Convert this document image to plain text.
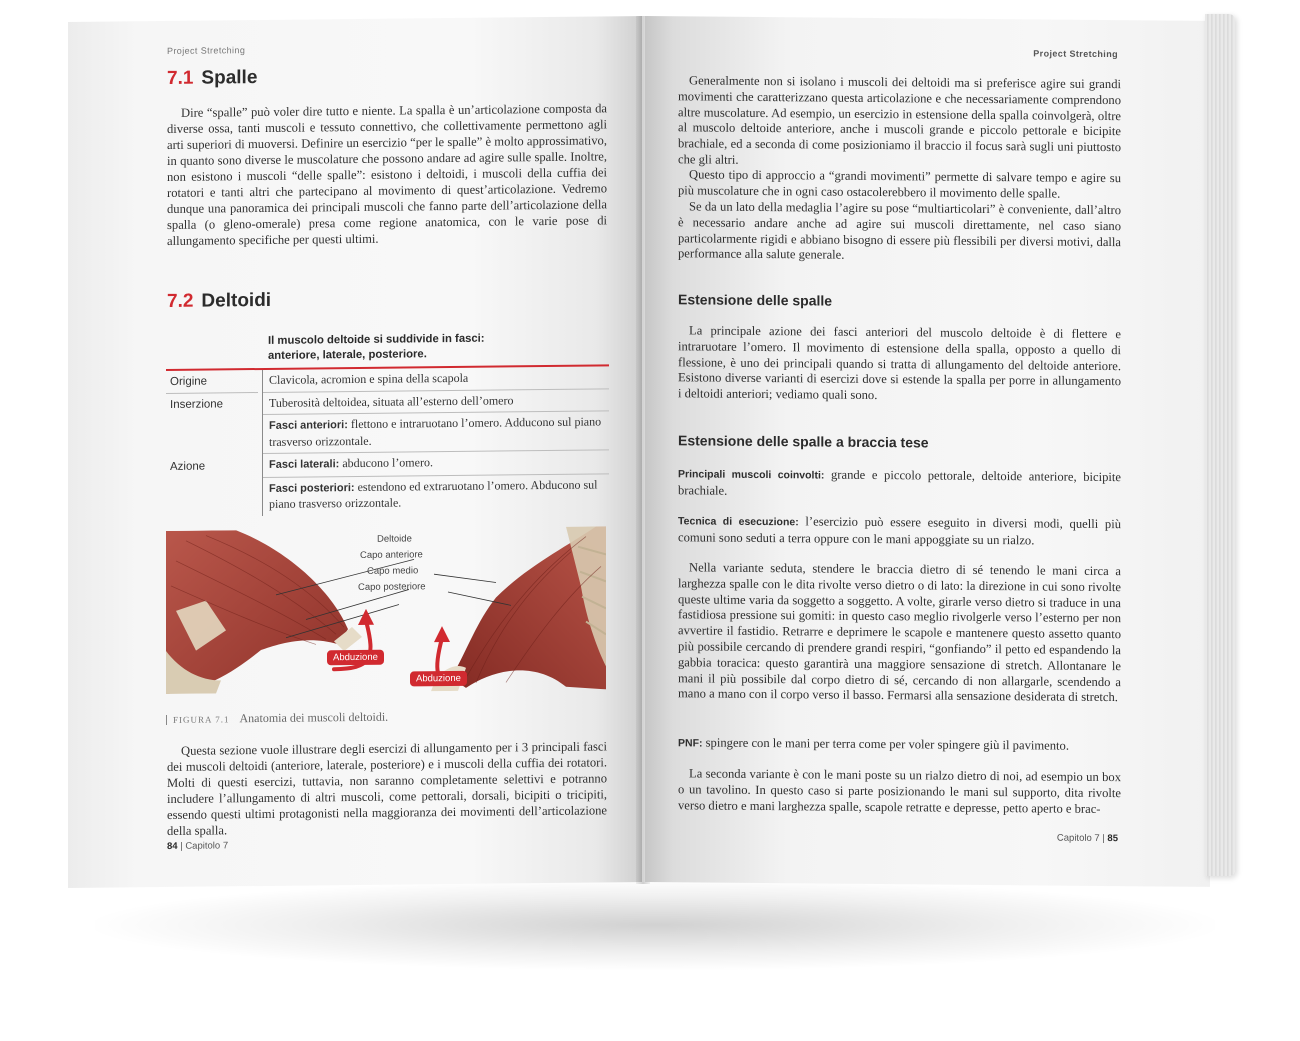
Project Stretching
7.1 Spalle

Dire “spalle” può voler dire tutto e niente. La spalla è un’articolazione composta da diverse ossa, tanti muscoli e tessuto connettivo, che collettivamente permettono agli arti superiori di muoversi. Definire un esercizio “per le spalle” è molto approssimativo, in quanto sono diverse le muscolature che possono andare ad agire sulle spalle. Inoltre, non esistono i muscoli “delle spalle”: esistono i deltoidi, i muscoli della cuffia dei rotatori e tanti altri che partecipano al movimento di quest’articolazione. Vedremo dunque una panoramica dei principali muscoli che fanno parte dell’articolazione della spalla (o gleno-omerale) presa come regione anatomica, con le varie pose di allungamento specifiche per questi ultimi.

7.2 Deltoidi
Il muscolo deltoide si suddivide in fasci:
anteriore, laterale, posteriore.
Origine
Inserzione
Azione
Clavicola, acromion e spina della scapola
Tuberosità deltoidea, situata all’esterno dell’omero
Fasci anteriori: flettono e intraruotano l’omero. Adducono sul piano trasverso orizzontale.
Fasci laterali: abducono l’omero.
Fasci posteriori: estendono ed extraruotano l’omero. Abducono sul piano trasverso orizzontale.
Deltoide
Capo anteriore
Capo medio
Capo posteriore
Abduzione
Abduzione
FIGURA 7.1 Anatomia dei muscoli deltoidi.

Questa sezione vuole illustrare degli esercizi di allungamento per i 3 principali fasci dei muscoli deltoidi (anteriore, laterale, posteriore) e i muscoli della cuffia dei rotatori. Molti di questi esercizi, tuttavia, non saranno completamente selettivi e potranno includere l’allungamento di altri muscoli, come pettorali, dorsali, bicipiti o tricipiti, essendo questi ultimi protagonisti nella maggioranza dei movimenti dell’articolazione della spalla.

84 | Capitolo 7
Project Stretching

Generalmente non si isolano i muscoli dei deltoidi ma si preferisce agire sui grandi movimenti che caratterizzano questa articolazione e che necessariamente comprendono altre muscolature. Ad esempio, un esercizio in estensione della spalla coinvolgerà, oltre al muscolo deltoide anteriore, anche i muscoli grande e piccolo pettorale e bicipite brachiale, ed a seconda di come posizioniamo il braccio il focus sarà sugli uni piuttosto che gli altri.

Questo tipo di approccio a “grandi movimenti” permette di salvare tempo e agire su più muscolature che in ogni caso ostacolerebbero il movimento delle spalle.

Se da un lato della medaglia l’agire su pose “multiarticolari” è conveniente, dall’altro è necessario andare anche ad agire sui muscoli direttamente, nel caso siano particolarmente rigidi e abbiano bisogno di essere più flessibili per diversi motivi, dalla performance alla salute generale.

Estensione delle spalle

La principale azione dei fasci anteriori del muscolo deltoide è di flettere e intraruotare l’omero. Il movimento di estensione della spalla, opposto a quello di flessione, è uno dei principali quando si tratta di allungamento del deltoide anteriore. Esistono diverse varianti di esercizi dove si estende la spalla per porre in allungamento i deltoidi anteriori; vediamo quali sono.

Estensione delle spalle a braccia tese

Principali muscoli coinvolti: grande e piccolo pettorale, deltoide anteriore, bicipite brachiale.

Tecnica di esecuzione: l’esercizio può essere eseguito in diversi modi, quelli più comuni sono seduti a terra oppure con le mani appoggiate su un rialzo.

Nella variante seduta, stendere le braccia dietro di sé tenendo le mani circa a larghezza spalle con le dita rivolte verso dietro o di lato: la direzione in cui sono rivolte queste ultime varia da soggetto a soggetto. A volte, girarle verso dietro si traduce in una fastidiosa pressione sui gomiti: in questo caso meglio rivolgerle verso l’esterno per non avvertire il fastidio. Retrarre e deprimere le scapole e mantenere questo assetto quanto più possibile cercando di prendere grandi respiri, “gonfiando” il petto ed espandendo la gabbia toracica: questo garantirà una maggiore sensazione di stretch. Allontanare le mani il più possibile dal corpo dietro di sé, cercando di non allargarle, scendendo a mano a mano con il corpo verso il basso. Fermarsi alla sensazione desiderata di stretch.

PNF: spingere con le mani per terra come per voler spingere giù il pavimento.

La seconda variante è con le mani poste su un rialzo dietro di noi, ad esempio un box o un tavolino. In questo caso si parte posizionando le mani sul supporto, dita rivolte verso dietro e mani larghezza spalle, scapole retratte e depresse, petto aperto e brac-

Capitolo 7 | 85
